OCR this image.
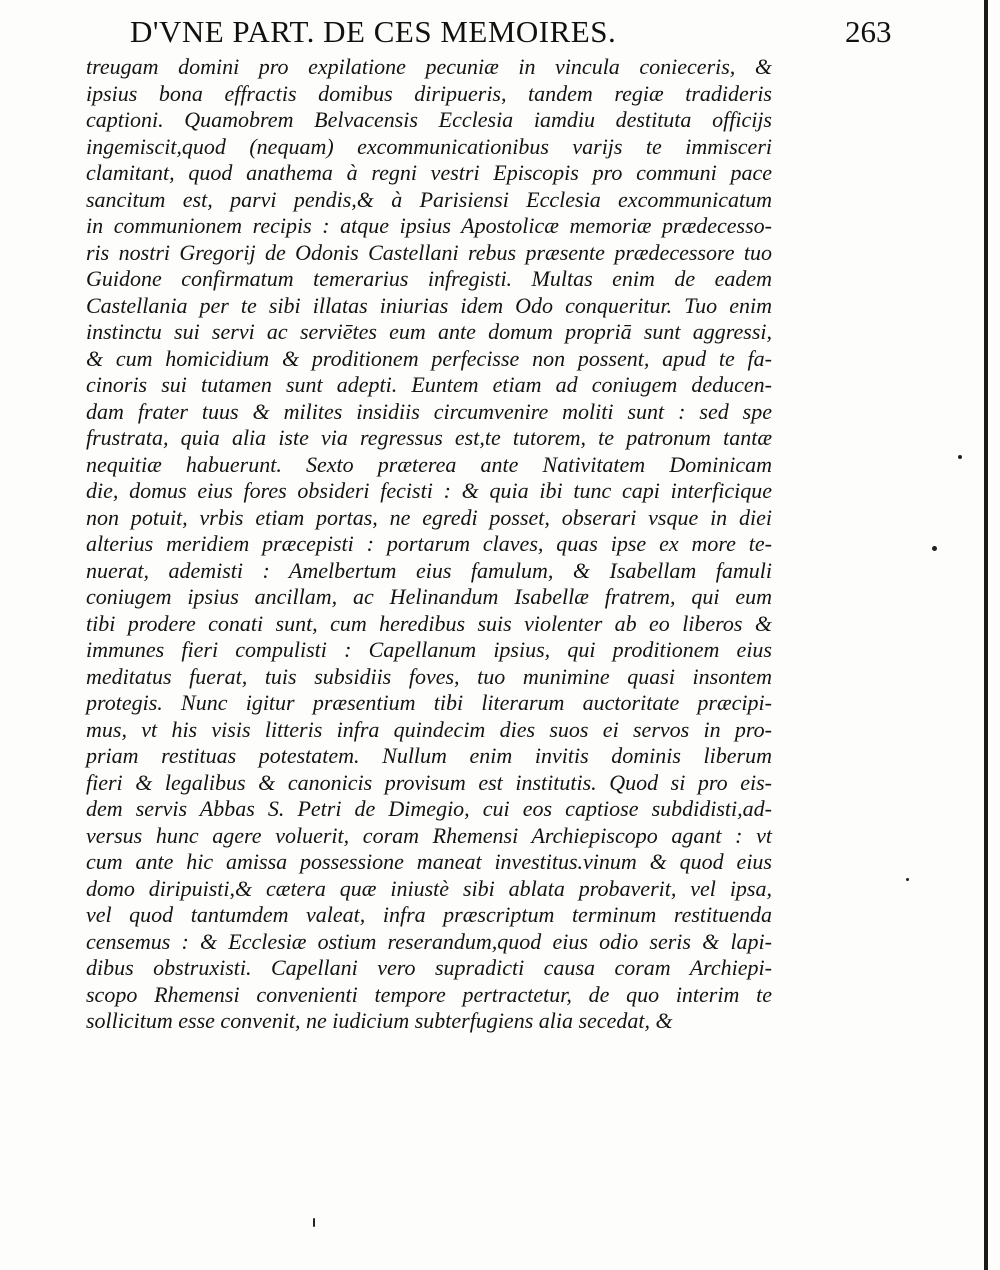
D'VNE PART. DE CES MEMOIRES.	263
treugam domini pro expilatione pecuniæ in vincula conieceris, &
ipsius bona effractis domibus diripueris, tandem regiæ tradideris
captioni. Quamobrem Belvacensis Ecclesia iamdiu destituta officijs
ingemiscit,quod (nequam) excommunicationibus varijs te immisceri
clamitant, quod anathema à regni vestri Episcopis pro communi pace
sancitum est, parvi pendis,& à Parisiensi Ecclesia excommunicatum
in communionem recipis : atque ipsius Apostolicæ memoriæ prædecesso-
ris nostri Gregorij de Odonis Castellani rebus præsente prædecessore tuo
Guidone confirmatum temerarius infregisti. Multas enim de eadem
Castellania per te sibi illatas iniurias idem Odo conqueritur. Tuo enim
instinctu sui servi ac serviētes eum ante domum propriā sunt aggressi,
& cum homicidium & proditionem perfecisse non possent, apud te fa-
cinoris sui tutamen sunt adepti. Euntem etiam ad coniugem deducen-
dam frater tuus & milites insidiis circumvenire moliti sunt : sed spe
frustrata, quia alia iste via regressus est,te tutorem, te patronum tantæ
nequitiæ habuerunt. Sexto præterea ante Nativitatem Dominicam
die, domus eius fores obsideri fecisti : & quia ibi tunc capi interficique
non potuit, vrbis etiam portas, ne egredi posset, obserari vsque in diei
alterius meridiem præcepisti : portarum claves, quas ipse ex more te-
nuerat, ademisti : Amelbertum eius famulum, & Isabellam famuli
coniugem ipsius ancillam, ac Helinandum Isabellæ fratrem, qui eum
tibi prodere conati sunt, cum heredibus suis violenter ab eo liberos &
immunes fieri compulisti : Capellanum ipsius, qui proditionem eius
meditatus fuerat, tuis subsidiis foves, tuo munimine quasi insontem
protegis. Nunc igitur præsentium tibi literarum auctoritate præcipi-
mus, vt his visis litteris infra quindecim dies suos ei servos in pro-
priam restituas potestatem. Nullum enim invitis dominis liberum
fieri & legalibus & canonicis provisum est institutis. Quod si pro eis-
dem servis Abbas S. Petri de Dimegio, cui eos captiose subdidisti,ad-
versus hunc agere voluerit, coram Rhemensi Archiepiscopo agant : vt
cum ante hic amissa possessione maneat investitus.vinum & quod eius
domo diripuisti,& cætera quæ iniustè sibi ablata probaverit, vel ipsa,
vel quod tantumdem valeat, infra præscriptum terminum restituenda
censemus : & Ecclesiæ ostium reserandum,quod eius odio seris & lapi-
dibus obstruxisti. Capellani vero supradicti causa coram Archiepi-
scopo Rhemensi convenienti tempore pertractetur, de quo interim te
sollicitum esse convenit, ne iudicium subterfugiens alia secedat, &
